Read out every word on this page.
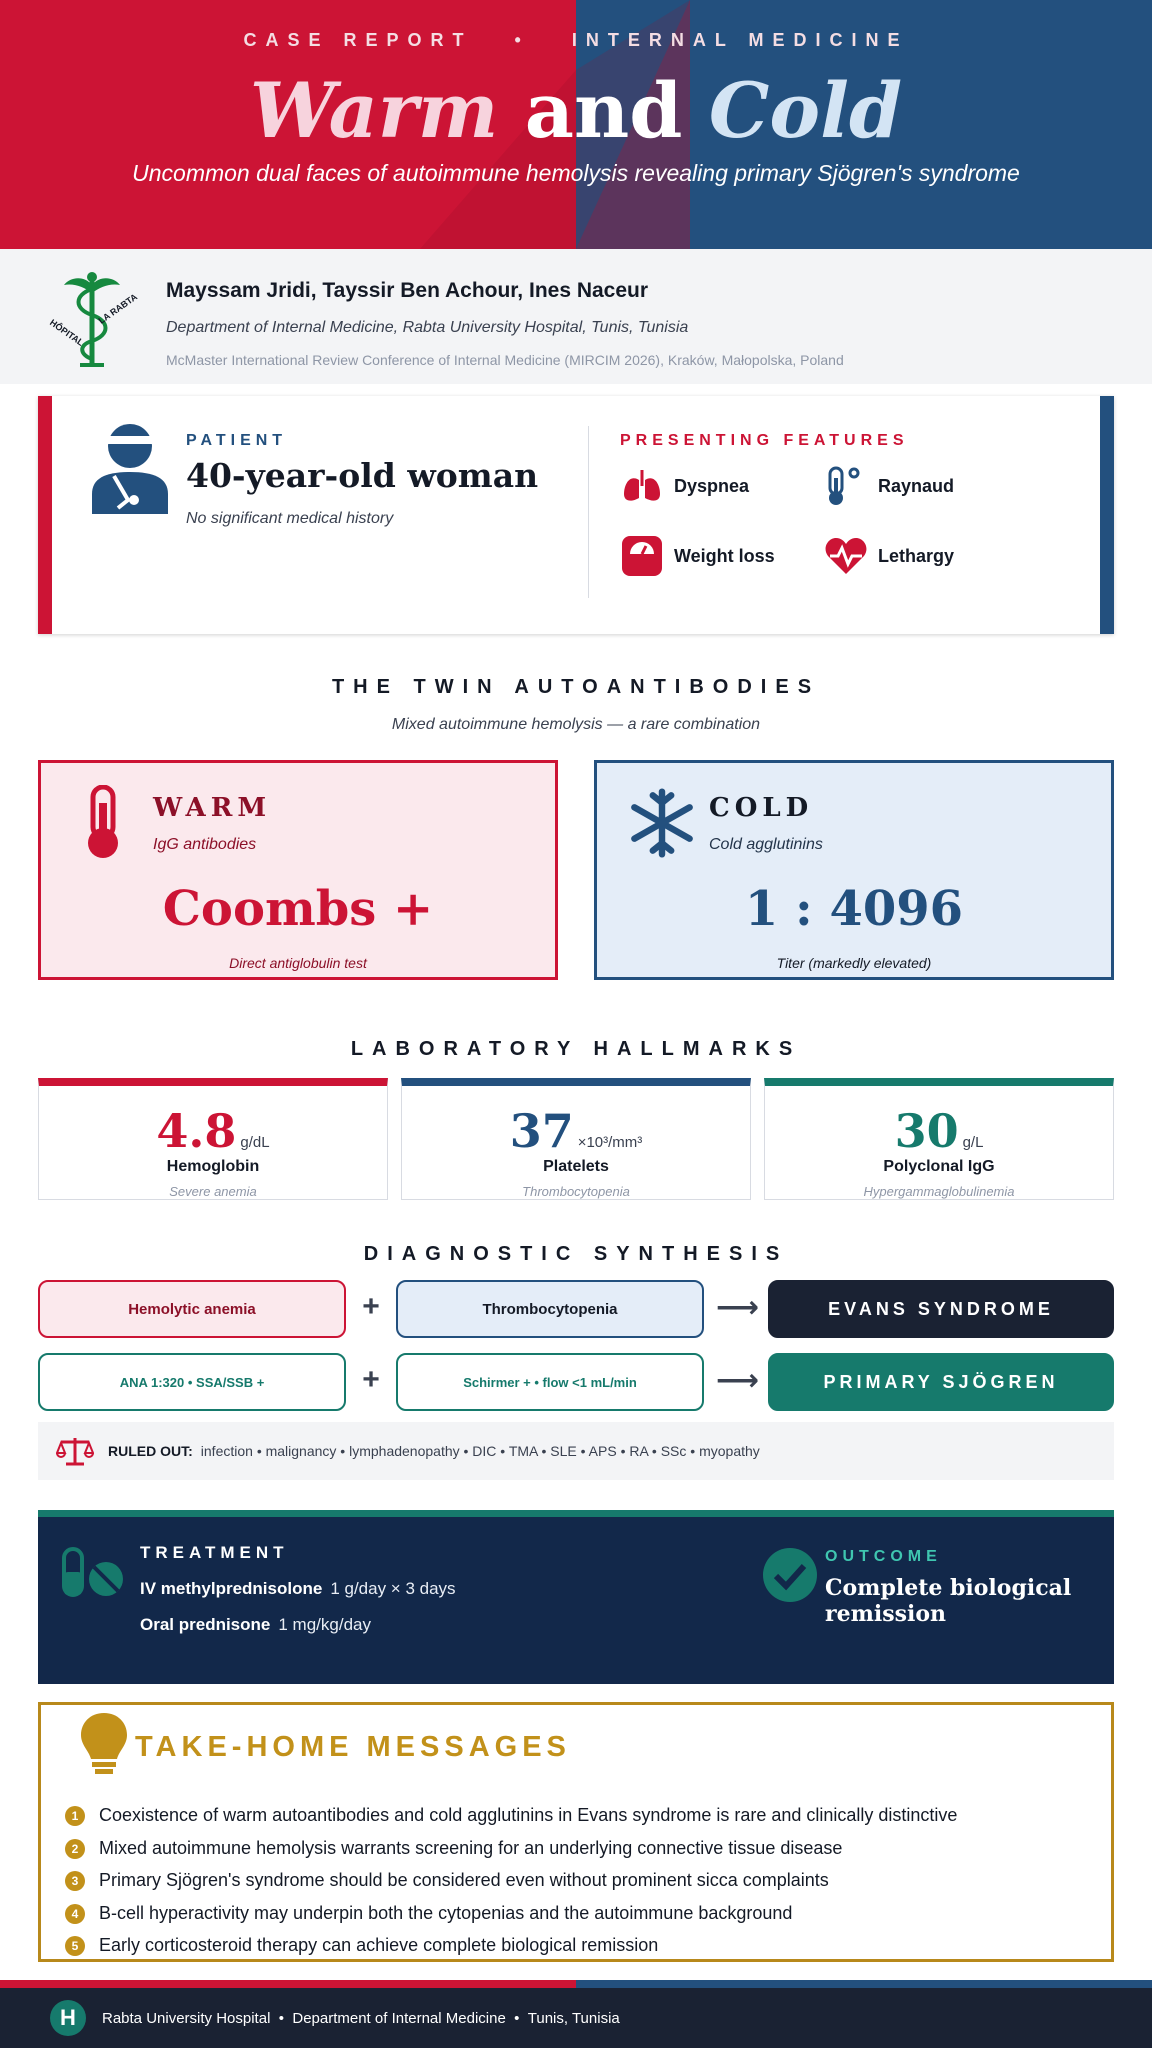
CASE REPORT • INTERNAL MEDICINE
Warm and Cold
Uncommon dual faces of autoimmune hemolysis revealing primary Sjögren's syndrome
HÔPITAL
LA RABTA
Mayssam Jridi, Tayssir Ben Achour, Ines Naceur
Department of Internal Medicine, Rabta University Hospital, Tunis, Tunisia
McMaster International Review Conference of Internal Medicine (MIRCIM 2026), Kraków, Małopolska, Poland
PATIENT
40-year-old woman
No significant medical history
PRESENTING FEATURES
Dyspnea	Raynaud
Weight loss	Lethargy
THE TWIN AUTOANTIBODIES
Mixed autoimmune hemolysis — a rare combination
WARM
IgG antibodies
Coombs +
Direct antiglobulin test
COLD
Cold agglutinins
1 : 4096
Titer (markedly elevated)
LABORATORY HALLMARKS
4.8 g/dL
Hemoglobin
Severe anemia
37 ×10³/mm³
Platelets
Thrombocytopenia
30 g/L
Polyclonal IgG
Hypergammaglobulinemia
DIAGNOSTIC SYNTHESIS
Hemolytic anemia	+	Thrombocytopenia	⟶	EVANS SYNDROME
ANA 1:320 • SSA/SSB +	+	Schirmer + • flow <1 mL/min	⟶	PRIMARY SJÖGREN
RULED OUT: infection • malignancy • lymphadenopathy • DIC • TMA • SLE • APS • RA • SSc • myopathy
TREATMENT
IV methylprednisolone 1 g/day × 3 days
Oral prednisone 1 mg/kg/day
OUTCOME
Complete biological remission
TAKE-HOME MESSAGES
1	Coexistence of warm autoantibodies and cold agglutinins in Evans syndrome is rare and clinically distinctive
2	Mixed autoimmune hemolysis warrants screening for an underlying connective tissue disease
3	Primary Sjögren's syndrome should be considered even without prominent sicca complaints
4	B-cell hyperactivity may underpin both the cytopenias and the autoimmune background
5	Early corticosteroid therapy can achieve complete biological remission
H	Rabta University Hospital
•
Department of Internal Medicine
•
Tunis, Tunisia
